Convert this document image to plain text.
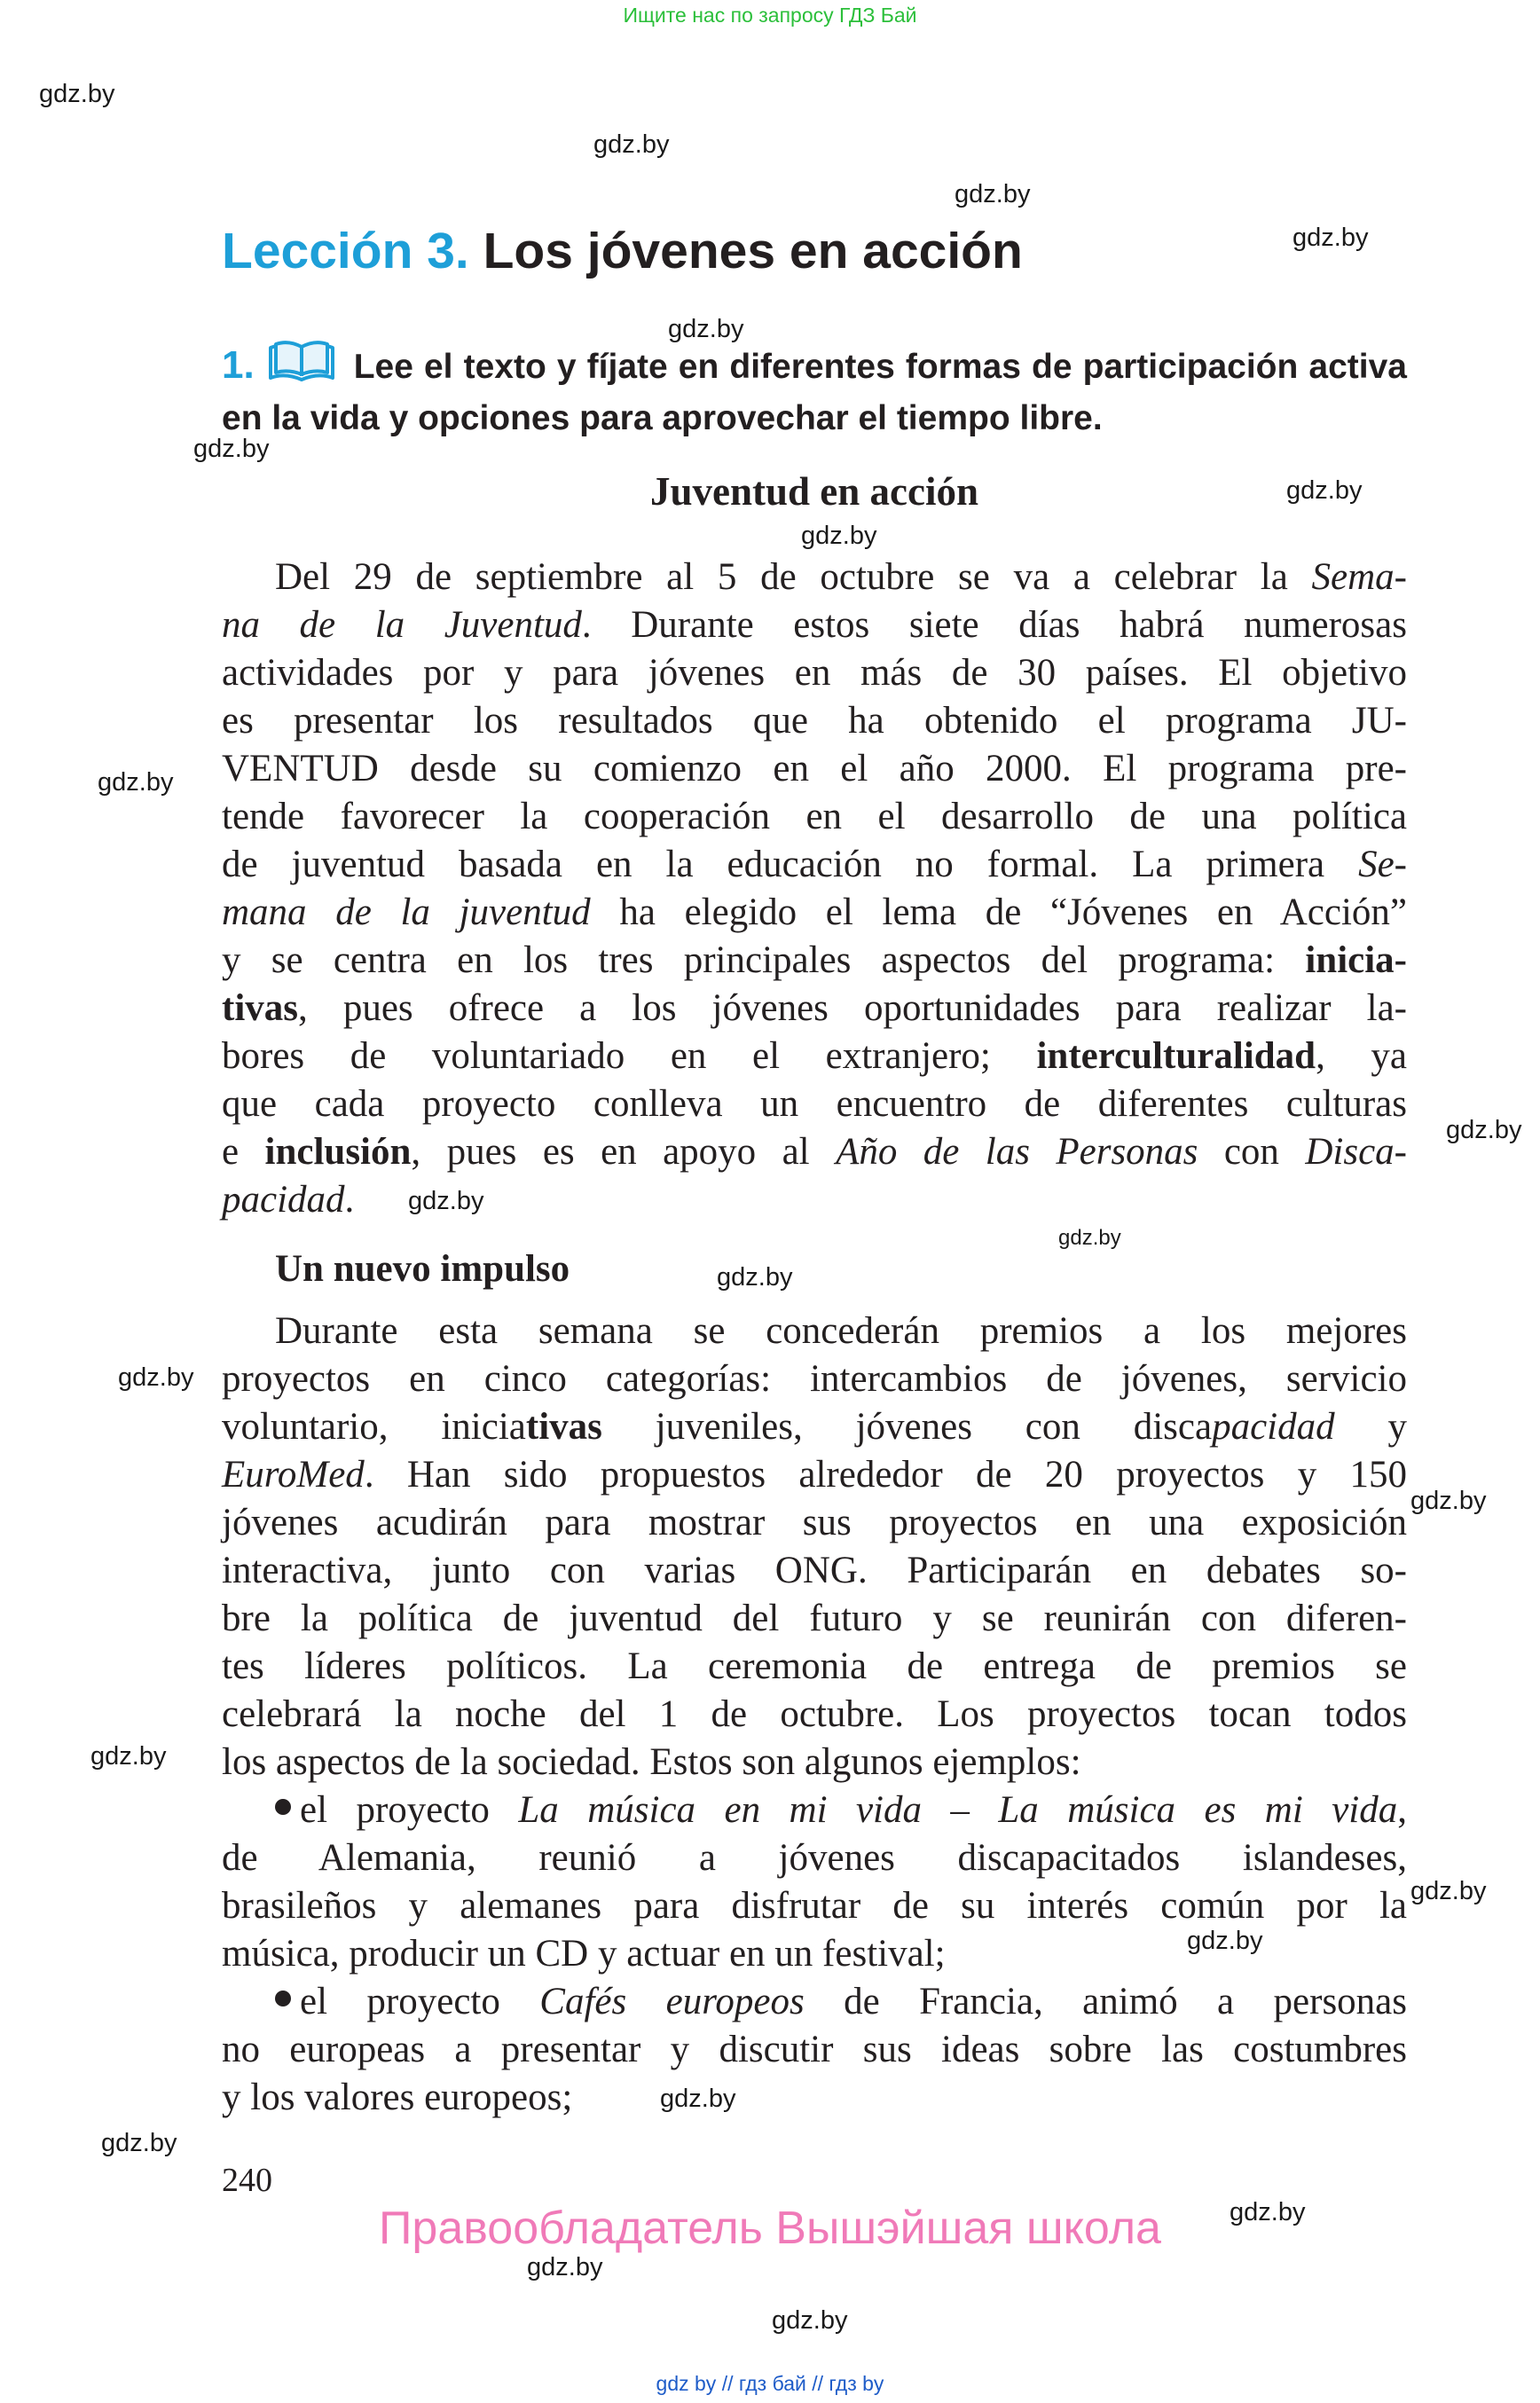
Ищите нас по запросу ГДЗ Бай
gdz.by
gdz.by
gdz.by
gdz.by
gdz.by
gdz.by
gdz.by
gdz.by
gdz.by
gdz.by
gdz.by
gdz.by
gdz.by
gdz.by
gdz.by
gdz.by
gdz.by
gdz.by
gdz.by
gdz.by
gdz.by
gdz.by
gdz.by
Lección 3. Los jóvenes en acción
1.	Lee el texto y fíjate en diferentes formas de participación activa en la vida y opciones para aprovechar el tiempo libre.
Juventud en acción
Del 29 de septiembre al 5 de octubre se va a celebrar la Sema-
na de la Juventud. Durante estos siete días habrá numerosas
actividades por y para jóvenes en más de 30 países. El objetivo
es presentar los resultados que ha obtenido el programa JU-
VENTUD desde su comienzo en el año 2000. El programa pre-
tende favorecer la cooperación en el desarrollo de una política
de juventud basada en la educación no formal. La primera Se-
mana de la juventud ha elegido el lema de “Jóvenes en Acción”
y se centra en los tres principales aspectos del programa: inicia-
tivas, pues ofrece a los jóvenes oportunidades para realizar la-
bores de voluntariado en el extranjero; interculturalidad, ya
que cada proyecto conlleva un encuentro de diferentes culturas
e inclusión, pues es en apoyo al Año de las Personas con Disca-
pacidad.
Un nuevo impulso
Durante esta semana se concederán premios a los mejores
proyectos en cinco categorías: intercambios de jóvenes, servicio
voluntario, iniciativas juveniles, jóvenes con discapacidad y
EuroMed. Han sido propuestos alrededor de 20 proyectos y 150
jóvenes acudirán para mostrar sus proyectos en una exposición
interactiva, junto con varias ONG. Participarán en debates so-
bre la política de juventud del futuro y se reunirán con diferen-
tes líderes políticos. La ceremonia de entrega de premios se
celebrará la noche del 1 de octubre. Los proyectos tocan todos
los aspectos de la sociedad. Estos son algunos ejemplos:
el proyecto La música en mi vida – La música es mi vida,
de Alemania, reunió a jóvenes discapacitados islandeses,
brasileños y alemanes para disfrutar de su interés común por la
música, producir un CD y actuar en un festival;
el proyecto Cafés europeos de Francia, animó a personas
no europeas a presentar y discutir sus ideas sobre las costumbres
y los valores europeos;
240
Правообладатель Вышэйшая школа
gdz by // гдз бай // гдз by
